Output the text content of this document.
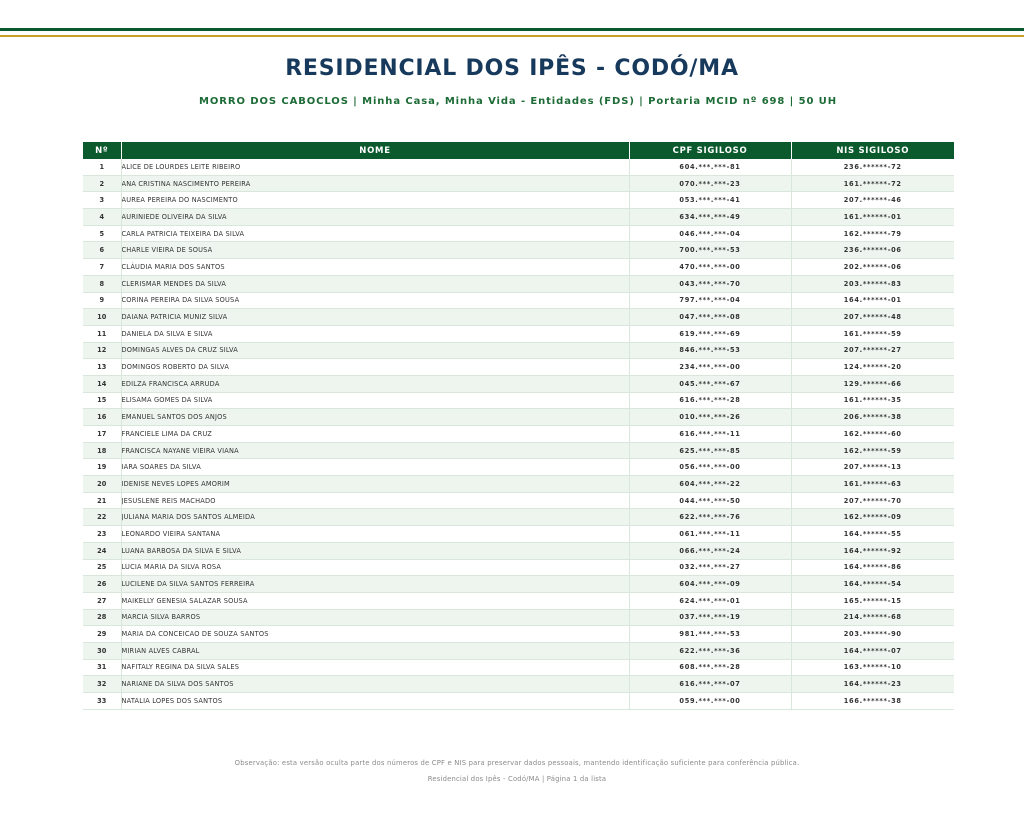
RESIDENCIAL DOS IPÊS - CODÓ/MA
MORRO DOS CABOCLOS | Minha Casa, Minha Vida - Entidades (FDS) | Portaria MCID nº 698 | 50 UH
Nº	NOME	CPF SIGILOSO	NIS SIGILOSO
1	ALICE DE LOURDES LEITE RIBEIRO	604.***.***-81	236.******-72
2	ANA CRISTINA NASCIMENTO PEREIRA	070.***.***-23	161.******-72
3	AUREA PEREIRA DO NASCIMENTO	053.***.***-41	207.******-46
4	AURINIEDE OLIVEIRA DA SILVA	634.***.***-49	161.******-01
5	CARLA PATRICIA TEIXEIRA DA SILVA	046.***.***-04	162.******-79
6	CHARLE VIEIRA DE SOUSA	700.***.***-53	236.******-06
7	CLÁUDIA MARIA DOS SANTOS	470.***.***-00	202.******-06
8	CLERISMAR MENDES DA SILVA	043.***.***-70	203.******-83
9	CORINA PEREIRA DA SILVA SOUSA	797.***.***-04	164.******-01
10	DAIANA PATRICIA MUNIZ SILVA	047.***.***-08	207.******-48
11	DANIELA DA SILVA E SILVA	619.***.***-69	161.******-59
12	DOMINGAS ALVES DA CRUZ SILVA	846.***.***-53	207.******-27
13	DOMINGOS ROBERTO DA SILVA	234.***.***-00	124.******-20
14	EDILZA FRANCISCA ARRUDA	045.***.***-67	129.******-66
15	ELISAMA GOMES DA SILVA	616.***.***-28	161.******-35
16	EMANUEL SANTOS DOS ANJOS	010.***.***-26	206.******-38
17	FRANCIELE LIMA DA CRUZ	616.***.***-11	162.******-60
18	FRANCISCA NAYANE VIEIRA VIANA	625.***.***-85	162.******-59
19	IARA SOARES DA SILVA	056.***.***-00	207.******-13
20	IDENISE NEVES LOPES AMORIM	604.***.***-22	161.******-63
21	JESUSLENE REIS MACHADO	044.***.***-50	207.******-70
22	JULIANA MARIA DOS SANTOS ALMEIDA	622.***.***-76	162.******-09
23	LEONARDO VIEIRA SANTANA	061.***.***-11	164.******-55
24	LUANA BARBOSA DA SILVA E SILVA	066.***.***-24	164.******-92
25	LUCIA MARIA DA SILVA ROSA	032.***.***-27	164.******-86
26	LUCILENE DA SILVA SANTOS FERREIRA	604.***.***-09	164.******-54
27	MAIKELLY GENESIA SALAZAR SOUSA	624.***.***-01	165.******-15
28	MARCIA SILVA BARROS	037.***.***-19	214.******-68
29	MARIA DA CONCEICAO DE SOUZA SANTOS	981.***.***-53	203.******-90
30	MIRIAN ALVES CABRAL	622.***.***-36	164.******-07
31	NAFITALY REGINA DA SILVA SALES	608.***.***-28	163.******-10
32	NARIANE DA SILVA DOS SANTOS	616.***.***-07	164.******-23
33	NATALIA LOPES DOS SANTOS	059.***.***-00	166.******-38
Observação: esta versão oculta parte dos números de CPF e NIS para preservar dados pessoais, mantendo identificação suficiente para conferência pública.
Residencial dos Ipês - Codó/MA | Página 1 da lista
